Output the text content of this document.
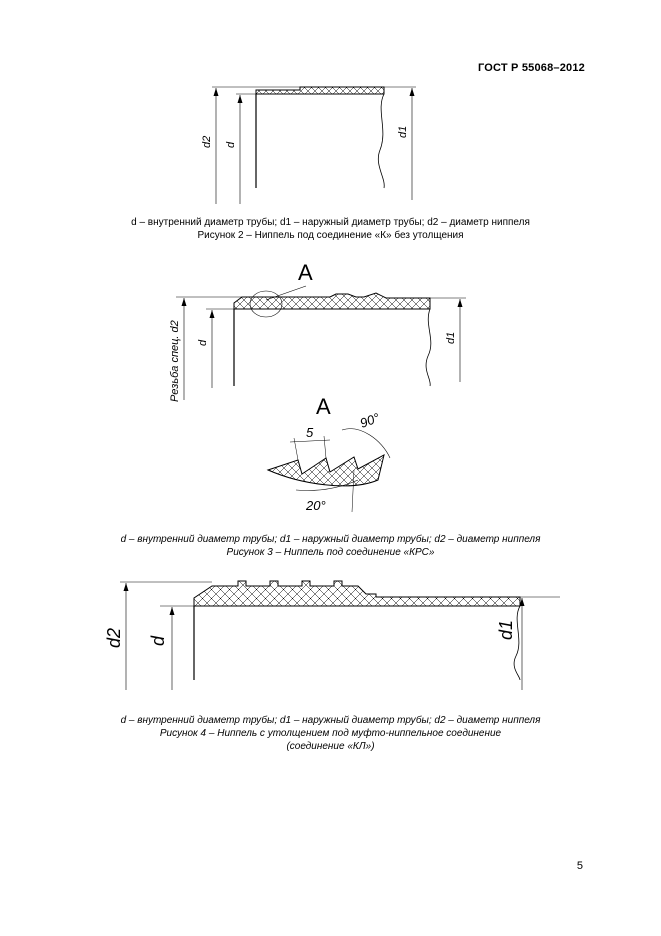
ГОСТ Р 55068–2012
d2 d
d1

d – внутренний диаметр трубы; d1 – наружный диаметр трубы; d2 – диаметр ниппеля

Рисунок 2 – Ниппель под соединение «К» без утолщения

A
Резьба спец. d2 d	d1
А
5
90°
20°

d – внутренний диаметр трубы; d1 – наружный диаметр трубы; d2 – диаметр ниппеля

Рисунок 3 – Ниппель под соединение «КРС»

d2 d
d1

d – внутренний диаметр трубы; d1 – наружный диаметр трубы; d2 – диаметр ниппеля

Рисунок 4 – Ниппель с утолщением под муфто-ниппельное соединение

(соединение «КЛ»)

5
